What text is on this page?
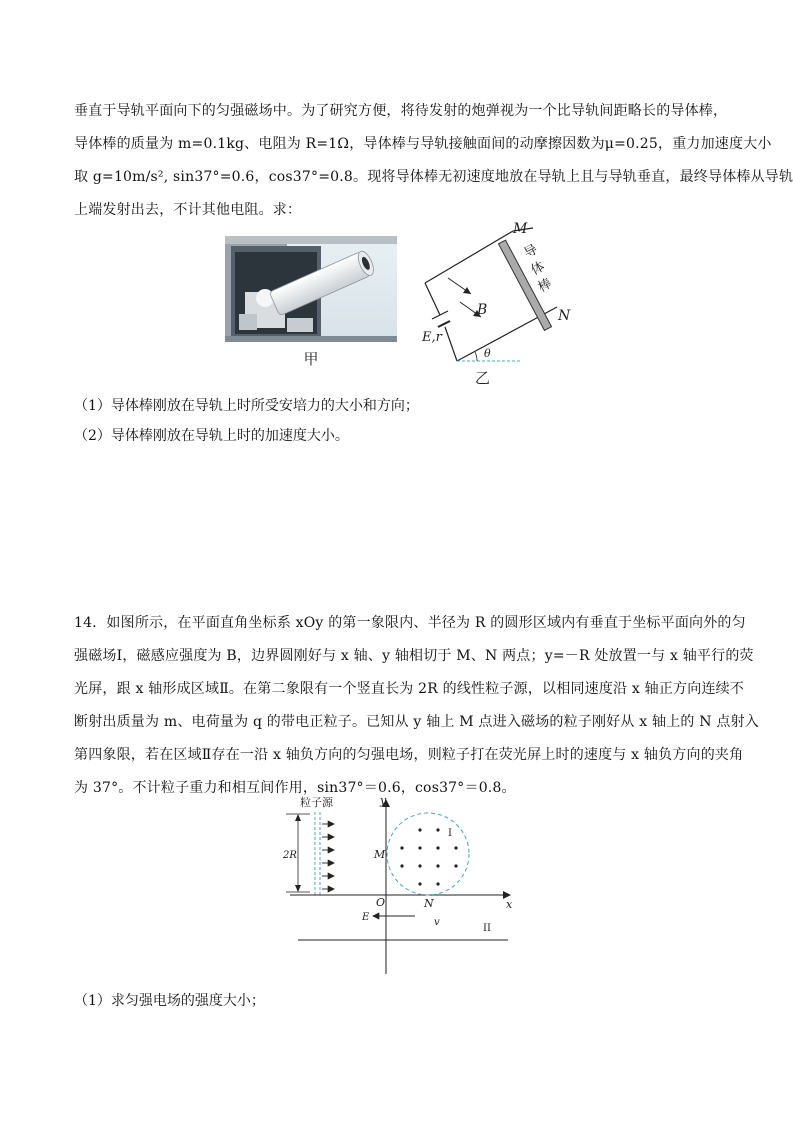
垂直于导轨平面向下的匀强磁场中。为了研究方便，将待发射的炮弹视为一个比导轨间距略长的导体棒，
导体棒的质量为 m=0.1kg、电阻为 R=1Ω，导体棒与导轨接触面间的动摩擦因数为μ=0.25，重力加速度大小
取 g=10m/s², sin37°=0.6，cos37°=0.8。现将导体棒无初速度地放在导轨上且与导轨垂直，最终导体棒从导轨
上端发射出去，不计其他电阻。求：
甲
导
体
棒
B
M
N
E,r
θ
乙
（1）导体棒刚放在导轨上时所受安培力的大小和方向；
（2）导体棒刚放在导轨上时的加速度大小。
14．如图所示，在平面直角坐标系 xOy 的第一象限内、半径为 R 的圆形区域内有垂直于坐标平面向外的匀
强磁场Ⅰ，磁感应强度为 B，边界圆刚好与 x 轴、y 轴相切于 M、N 两点；y=－R 处放置一与 x 轴平行的荧
光屏，跟 x 轴形成区域Ⅱ。在第二象限有一个竖直长为 2R 的线性粒子源，以相同速度沿 x 轴正方向连续不
断射出质量为 m、电荷量为 q 的带电正粒子。已知从 y 轴上 M 点进入磁场的粒子刚好从 x 轴上的 N 点射入
第四象限，若在区域Ⅱ存在一沿 x 轴负方向的匀强电场，则粒子打在荧光屏上时的速度与 x 轴负方向的夹角
为 37°。不计粒子重力和相互间作用，sin37°＝0.6，cos37°＝0.8。
粒子源
2R
y
x
O
I
M
N
E	v
II
（1）求匀强电场的强度大小；
